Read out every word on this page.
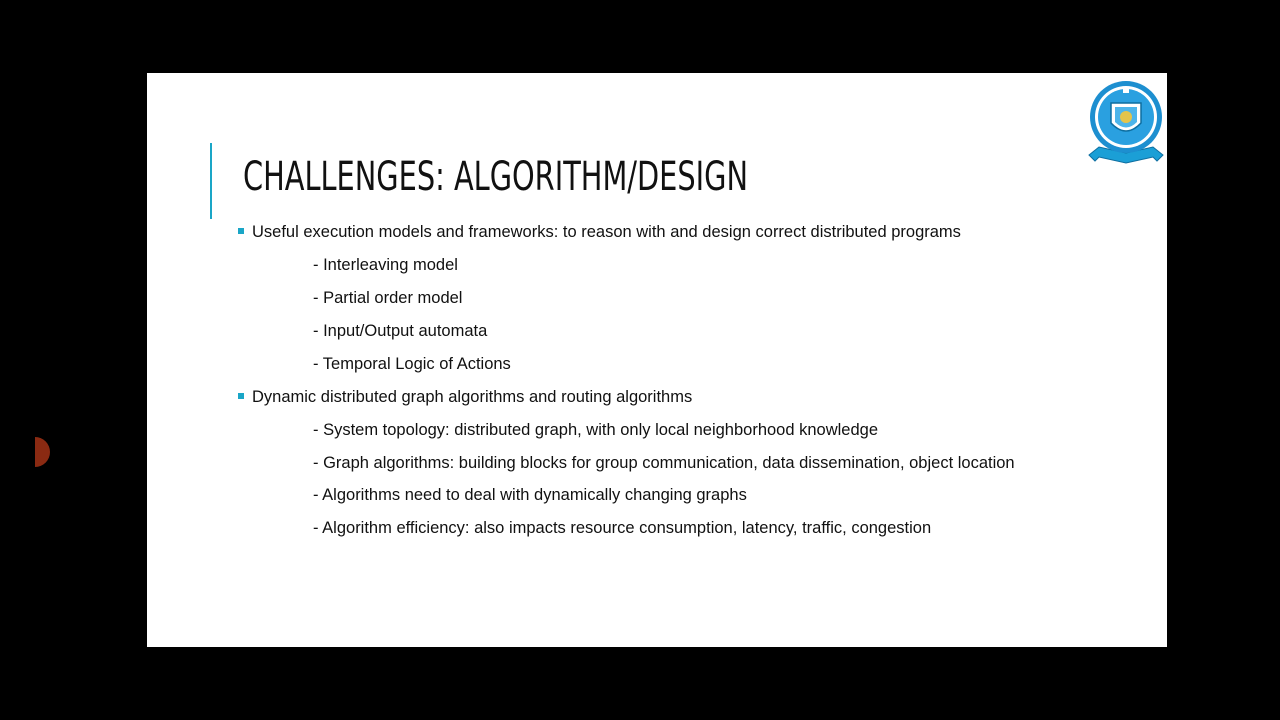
CHALLENGES: ALGORITHM/DESIGN

Useful execution models and frameworks: to reason with and design correct distributed programs

- Interleaving model

- Partial order model

- Input/Output automata

- Temporal Logic of Actions

Dynamic distributed graph algorithms and routing algorithms

- System topology: distributed graph, with only local neighborhood knowledge

- Graph algorithms: building blocks for group communication, data dissemination, object location

- Algorithms need to deal with dynamically changing graphs

- Algorithm efficiency: also impacts resource consumption, latency, traffic, congestion
